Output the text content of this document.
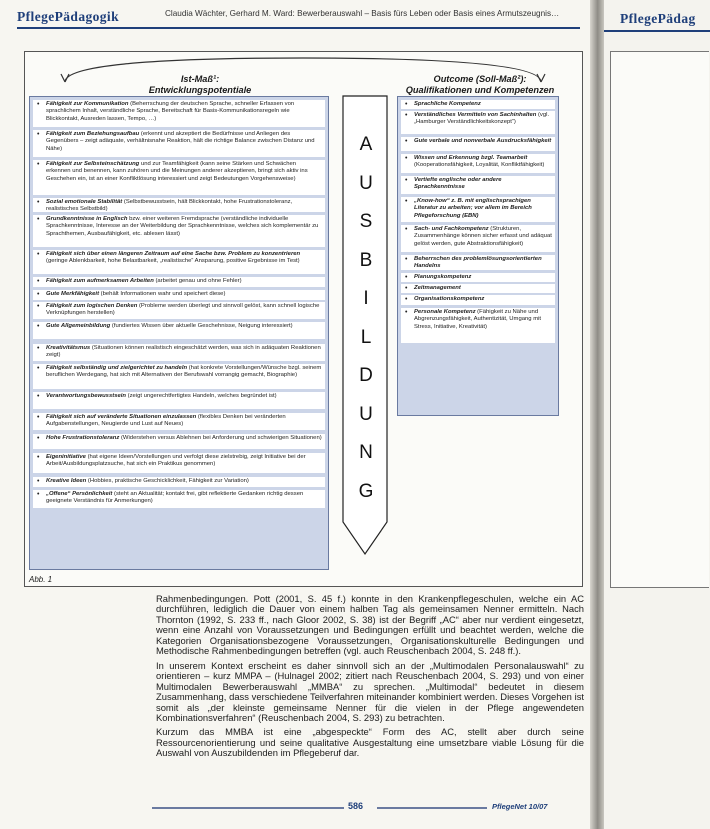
PflegePädagogik	Claudia Wächter, Gerhard M. Ward: Bewerberauswahl – Basis fürs Leben oder Basis eines Armutszeugnis…
Ist-Maß¹:
Entwicklungspotentiale
Outcome (Soll-Maß²):
Qualifikationen und Kompetenzen
• Fähigkeit zur Kommunikation (Beherrschung der deutschen Sprache, schneller Erfassen von sprachlichem Inhalt, verständliche Sprache, Bereitschaft für Basis-Kommunikationsregeln wie Blickkontakt, Ausreden lassen, Tempo, …)
• Fähigkeit zum Beziehungsaufbau (erkennt und akzeptiert die Bedürfnisse und Anliegen des Gegenübers – zeigt adäquate, verhältnisnahe Reaktion, hält die richtige Balance zwischen Distanz und Nähe)
• Fähigkeit zur Selbsteinschätzung und zur Teamfähigkeit (kann seine Stärken und Schwächen erkennen und benennen, kann zuhören und die Meinungen anderer akzeptieren, bringt sich aktiv ins Geschehen ein, ist an einer Konfliktlösung interessiert und zeigt Bedeutungen Vorgehensweise)
• Sozial emotionale Stabilität (Selbstbewusstsein, hält Blickkontakt, hohe Frustrationstoleranz, realistisches Selbstbild)
• Grundkenntnisse in Englisch bzw. einer weiteren Fremdsprache (verständliche individuelle Sprachkenntnisse, Interesse an der Weiterbildung der Sprachkenntnisse, welches sich komplementär zu Sprachthemen, Ausbaufähigkeit, etc. ablesen lässt)
• Fähigkeit sich über einen längeren Zeitraum auf eine Sache bzw. Problem zu konzentrieren (geringe Ablenkbarkeit, hohe Belastbarkeit, „realistische“ Ansparung, positive Ergebnisse im Test)
• Fähigkeit zum aufmerksamen Arbeiten (arbeitet genau und ohne Fehler)
• Gute Merkfähigkeit (behält Informationen wahr und speichert diese)
• Fähigkeit zum logischen Denken (Probleme werden überlegt und sinnvoll gelöst, kann schnell logische Verknüpfungen herstellen)
• Gute Allgemeinbildung (fundiertes Wissen über aktuelle Geschehnisse, Neigung interessiert)
• Kreativitätsmus (Situationen können realistisch eingeschätzt werden, was sich in adäquaten Reaktionen zeigt)
• Fähigkeit selbständig und zielgerichtet zu handeln (hat konkrete Vorstellungen/Wünsche bzgl. seinem beruflichen Werdegang, hat sich mit Alternativen der Berufswahl vorrangig gemacht, Biographie)
• Verantwortungsbewusstsein (zeigt ungerechtfertigtes Handeln, welches begründet ist)
• Fähigkeit sich auf veränderte Situationen einzulassen (flexibles Denken bei veränderten Aufgabenstellungen, Neugierde und Lust auf Neues)
• Hohe Frustrationstoleranz (Widerstehen versus Ablehnen bei Anforderung und schwierigen Situationen)
• Eigeninitiative (hat eigene Ideen/Vorstellungen und verfolgt diese zielstrebig, zeigt Initiative bei der Arbeit/Ausbildungsplatzsuche, hat sich ein Praktikus genommen)
• Kreative Ideen (Hobbies, praktische Geschicklichkeit, Fähigkeit zur Variation)
• „Offene“ Persönlichkeit (steht an Aktualität; kontakt frei, gibt reflektierte Gedanken richtig dessen geeignete Verständnis für Anmerkungen)
A
U
S
B
I
L
D
U
N
G
• Sprachliche Kompetenz
• Verständliches Vermitteln von Sachinhalten (vgl. „Hamburger Verständlichkeitskonzept“)
• Gute verbale und nonverbale Ausdrucksfähigkeit
• Wissen und Erkennung bzgl. Teamarbeit (Kooperationsfähigkeit, Loyalität, Konfliktfähigkeit)
• Vertiefte englische oder andere Sprachkenntnisse
• „Know-how“ z. B. mit englischsprachigen Literatur zu arbeiten; vor allem im Bereich Pflegeforschung (EBN)
• Sach- und Fachkompetenz (Strukturen, Zusammenhänge können sicher erfasst und adäquat gelöst werden, gute Abstraktionsfähigkeit)
• Beherrschen des problemlösungsorientierten Handelns
• Planungskompetenz
• Zeitmanagement
• Organisationskompetenz
• Personale Kompetenz (Fähigkeit zu Nähe und Abgrenzungsfähigkeit, Authentizität, Umgang mit Stress, Initiative, Kreativität)
Abb. 1

Rahmenbedingungen. Pott (2001, S. 45 f.) konnte in den Krankenpflegeschulen, welche ein AC durchführen, lediglich die Dauer von einem halben Tag als gemeinsamen Nenner ermitteln. Nach Thornton (1992, S. 233 ff., nach Gloor 2002, S. 38) ist der Begriff „AC“ aber nur verdient eingesetzt, wenn eine Anzahl von Voraussetzungen und Bedingungen erfüllt und beachtet werden, welche die Kategorien Organisationsbezogene Voraussetzungen, Organisationskulturelle Bedingungen und Methodische Rahmenbedingungen betreffen (vgl. auch Reuschenbach 2004, S. 248 ff.).

In unserem Kontext erscheint es daher sinnvoll sich an der „Multimodalen Personalauswahl“ zu orientieren – kurz MMPA – (Hulnagel 2002; zitiert nach Reuschenbach 2004, S. 293) und von einer Multimodalen Bewerberauswahl „MMBA“ zu sprechen. „Multimodal“ bedeutet in diesem Zusammenhang, dass verschiedene Teilverfahren miteinander kombiniert werden. Dieses Vorgehen ist somit als „der kleinste gemeinsame Nenner für die vielen in der Pflege angewendeten Kombinationsverfahren“ (Reuschenbach 2004, S. 293) zu betrachten.

Kurzum das MMBA ist eine „abgespeckte“ Form des AC, stellt aber durch seine Ressourcenorientierung und seine qualitative Ausgestaltung eine umsetzbare viable Lösung für die Auswahl von Auszubildenden im Pflegeberuf dar.

586	PflegeNet 10/07
PflegePädag
